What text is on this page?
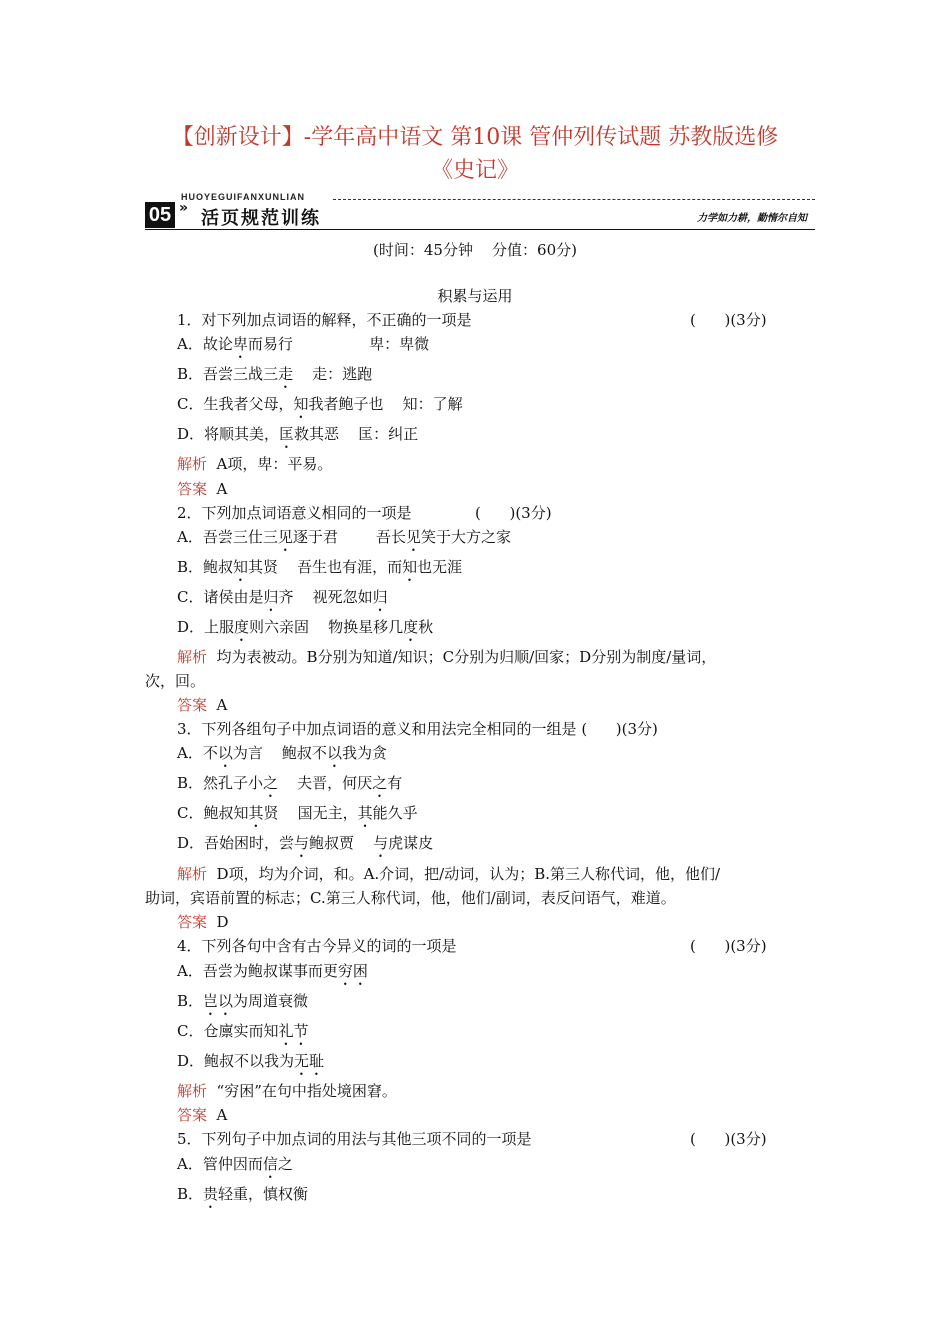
【创新设计】-学年高中语文 第10课 管仲列传试题 苏教版选修
《史记》
HUOYEGUIFANXUNLIAN
05 » 活页规范训练	力学如力耕，勤惰尔自知
(时间：45分钟    分值：60分)
积累与运用
1．对下列加点词语的解释，不正确的一项是	(      )(3分)
A．故论卑而易行                卑：卑微
B．吾尝三战三走    走：逃跑
C．生我者父母，知我者鲍子也    知：了解
D．将顺其美，匡救其恶    匡：纠正
解析  A项，卑：平易。
答案  A
2．下列加点词语意义相同的一项是	(      )(3分)
A．吾尝三仕三见逐于君        吾长见笑于大方之家
B．鲍叔知其贤    吾生也有涯，而知也无涯
C．诸侯由是归齐    视死忽如归
D．上服度则六亲固    物换星移几度秋
解析  均为表被动。B分别为知道/知识；C分别为归顺/回家；D分别为制度/量词，
次，回。
答案  A
3．下列各组句子中加点词语的意义和用法完全相同的一组是 (      )(3分)
A．不以为言    鲍叔不以我为贪
B．然孔子小之    夫晋，何厌之有
C．鲍叔知其贤    国无主，其能久乎
D．吾始困时，尝与鲍叔贾    与虎谋皮
解析  D项，均为介词，和。A.介词，把/动词，认为；B.第三人称代词，他，他们/
助词，宾语前置的标志；C.第三人称代词，他，他们/副词，表反问语气，难道。
答案  D
4．下列各句中含有古今异义的词的一项是	(      )(3分)
A．吾尝为鲍叔谋事而更穷困
B．岂以为周道衰微
C．仓廪实而知礼节
D．鲍叔不以我为无耻
解析  “穷困”在句中指处境困窘。
答案  A
5．下列句子中加点词的用法与其他三项不同的一项是	(      )(3分)
A．管仲因而信之
B．贵轻重，慎权衡
